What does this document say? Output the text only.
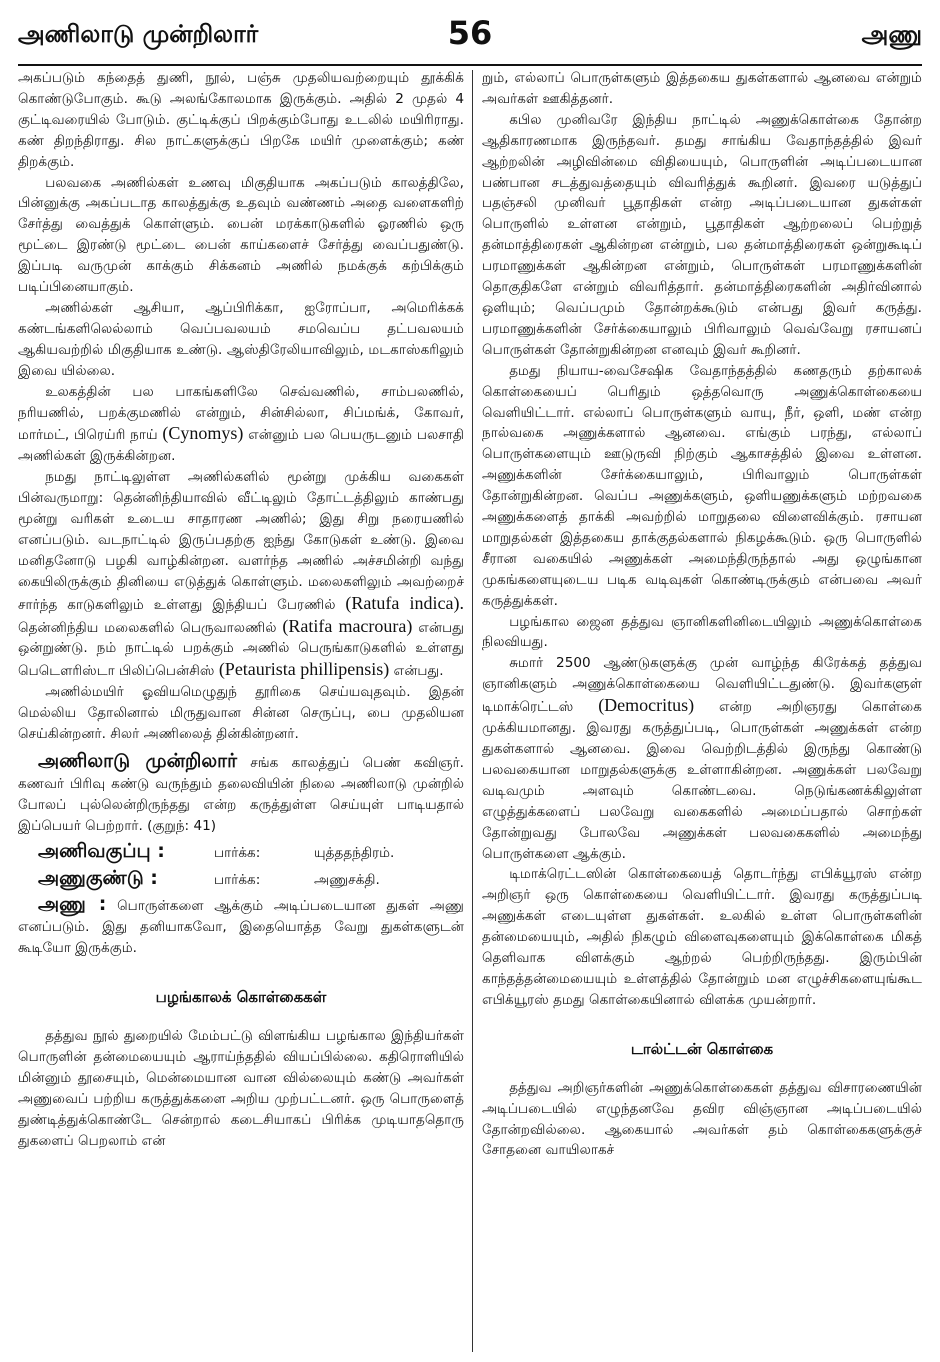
அணிலாடு முன்றிலார்	56	அணு

அகப்படும் கந்தைத் துணி, நூல், பஞ்சு முதலியவற்றையும் தூக்கிக் கொண்டுபோகும். கூடு அலங்கோலமாக இருக்கும். அதில் 2 முதல் 4 குட்டிவரையில் போடும். குட்டிக்குப் பிறக்கும்போது உடலில் மயிரிராது. கண் திறந்திராது. சில நாட்களுக்குப் பிறகே மயிர் முளைக்கும்; கண் திறக்கும்.

பலவகை அணில்கள் உணவு மிகுதியாக அகப்படும் காலத்திலே, பின்னுக்கு அகப்படாத காலத்துக்கு உதவும் வண்ணம் அதை வளைகளிற் சேர்த்து வைத்துக் கொள்ளும். பைன் மரக்காடுகளில் ஓரணில் ஒரு மூட்டை இரண்டு மூட்டை பைன் காய்களைச் சேர்த்து வைப்பதுண்டு. இப்படி வருமுன் காக்கும் சிக்கனம் அணில் நமக்குக் கற்பிக்கும் படிப்பினையாகும்.

அணில்கள் ஆசியா, ஆப்பிரிக்கா, ஐரோப்பா, அமெரிக்கக் கண்டங்களிலெல்லாம் வெப்பவலயம் சமவெப்ப தட்பவலயம் ஆகியவற்றில் மிகுதியாக உண்டு. ஆஸ்திரேலியாவிலும், மடகாஸ்கரிலும் இவை யில்லை.

உலகத்தின் பல பாகங்களிலே செவ்வணில், சாம்பலணில், நரியணில், பறக்குமணில் என்றும், சின்சில்லா, சிப்மங்க், கோவர், மார்மட், பிரெய்ரி நாய் (Cynomys) என்னும் பல பெயருடனும் பலசாதி அணில்கள் இருக்கின்றன.

நமது நாட்டிலுள்ள அணில்களில் மூன்று முக்கிய வகைகள் பின்வருமாறு: தென்னிந்தியாவில் வீட்டிலும் தோட்டத்திலும் காண்பது மூன்று வரிகள் உடைய சாதாரண அணில்; இது சிறு நரையணில் எனப்படும். வடநாட்டில் இருப்பதற்கு ஐந்து கோடுகள் உண்டு. இவை மனிதனோடு பழகி வாழ்கின்றன. வளர்ந்த அணில் அச்சமின்றி வந்து கையிலிருக்கும் தினியை எடுத்துக் கொள்ளும். மலைகளிலும் அவற்றைச் சார்ந்த காடுகளிலும் உள்ளது இந்தியப் பேரணில் (Ratufa indica). தென்னிந்திய மலைகளில் பெருவாலணில் (Ratifa macroura) என்பது ஒன்றுண்டு. நம் நாட்டில் பறக்கும் அணில் பெருங்காடுகளில் உள்ளது பெடௌரிஸ்டா பிலிப்பென்சிஸ் (Petaurista phillipensis) என்பது.

அணில்மயிர் ஓவியமெழுதுந் தூரிகை செய்யவுதவும். இதன் மெல்லிய தோலினால் மிருதுவான சின்ன செருப்பு, பை முதலியன செய்கின்றனர். சிலர் அணிலைத் தின்கின்றனர்.

அணிலாடு முன்றிலார் சங்க காலத்துப் பெண் கவிஞர். கணவர் பிரிவு கண்டு வருந்தும் தலைவியின் நிலை அணிலாடு முன்றில் போலப் புல்லென்றிருந்தது என்ற கருத்துள்ள செய்யுள் பாடியதால் இப்பெயர் பெற்றார். (குறுந்: 41)

அணிவகுப்பு :	பார்க்க:	யுத்ததந்திரம்.
அணுகுண்டு :	பார்க்க:	அணுசக்தி.

அணு : பொருள்களை ஆக்கும் அடிப்படையான துகள் அணு எனப்படும். இது தனியாகவோ, இதையொத்த வேறு துகள்களுடன் கூடியோ இருக்கும்.

பழங்காலக் கொள்கைகள்

தத்துவ நூல் துறையில் மேம்பட்டு விளங்கிய பழங்கால இந்தியர்கள் பொருளின் தன்மையையும் ஆராய்ந்ததில் வியப்பில்லை. கதிரொளியில் மின்னும் தூசையும், மென்மையான வான வில்லையும் கண்டு அவர்கள் அணுவைப் பற்றிய கருத்துக்களை அறிய முற்பட்டனர். ஒரு பொருளைத் துண்டித்துக்கொண்டே சென்றால் கடைசியாகப் பிரிக்க முடியாததொரு துகளைப் பெறலாம் என்

றும், எல்லாப் பொருள்களும் இத்தகைய துகள்களால் ஆனவை என்றும் அவர்கள் ஊகித்தனர்.

கபில முனிவரே இந்திய நாட்டில் அணுக்கொள்கை தோன்ற ஆதிகாரணமாக இருந்தவர். தமது சாங்கிய வேதாந்தத்தில் இவர் ஆற்றலின் அழிவின்மை விதியையும், பொருளின் அடிப்படையான பண்பான சடத்துவத்தையும் விவரித்துக் கூறினர். இவரை யடுத்துப் பதஞ்சலி முனிவர் பூதாதிகள் என்ற அடிப்படையான துகள்கள் பொருளில் உள்ளன என்றும், பூதாதிகள் ஆற்றலைப் பெற்றுத் தன்மாத்திரைகள் ஆகின்றன என்றும், பல தன்மாத்திரைகள் ஒன்றுகூடிப் பரமாணுக்கள் ஆகின்றன என்றும், பொருள்கள் பரமாணுக்களின் தொகுதிகளே என்றும் விவரித்தார். தன்மாத்திரைகளின் அதிர்வினால் ஒளியும்; வெப்பமும் தோன்றக்கூடும் என்பது இவர் கருத்து. பரமாணுக்களின் சேர்க்கையாலும் பிரிவாலும் வெவ்வேறு ரசாயனப் பொருள்கள் தோன்றுகின்றன எனவும் இவர் கூறினர்.

தமது நியாய-வைசேஷிக வேதாந்தத்தில் கணதரும் தற்காலக் கொள்கையைப் பெரிதும் ஒத்தவொரு அணுக்கொள்கையை வெளியிட்டார். எல்லாப் பொருள்களும் வாயு, நீர், ஒளி, மண் என்ற நால்வகை அணுக்களால் ஆனவை. எங்கும் பரந்து, எல்லாப் பொருள்களையும் ஊடுருவி நிற்கும் ஆகாசத்தில் இவை உள்ளன. அணுக்களின் சேர்க்கையாலும், பிரிவாலும் பொருள்கள் தோன்றுகின்றன. வெப்ப அணுக்களும், ஒளியணுக்களும் மற்றவகை அணுக்களைத் தாக்கி அவற்றில் மாறுதலை விளைவிக்கும். ரசாயன மாறுதல்கள் இத்தகைய தாக்குதல்களால் நிகழக்கூடும். ஒரு பொருளில் சீரான வகையில் அணுக்கள் அமைந்திருந்தால் அது ஒழுங்கான முகங்களையுடைய படிக வடிவுகள் கொண்டிருக்கும் என்பவை அவர் கருத்துக்கள்.

பழங்கால ஜைன தத்துவ ஞானிகளினிடையிலும் அணுக்கொள்கை நிலவியது.

சுமார் 2500 ஆண்டுகளுக்கு முன் வாழ்ந்த கிரேக்கத் தத்துவ ஞானிகளும் அணுக்கொள்கையை வெளியிட்டதுண்டு. இவர்களுள் டிமாக்ரெட்டஸ் (Democritus) என்ற அறிஞரது கொள்கை முக்கியமானது. இவரது கருத்துப்படி, பொருள்கள் அணுக்கள் என்ற துகள்களால் ஆனவை. இவை வெற்றிடத்தில் இருந்து கொண்டு பலவகையான மாறுதல்களுக்கு உள்ளாகின்றன. அணுக்கள் பலவேறு வடிவமும் அளவும் கொண்டவை. நெடுங்கணக்கிலுள்ள எழுத்துக்களைப் பலவேறு வகைகளில் அமைப்பதால் சொற்கள் தோன்றுவது போலவே அணுக்கள் பலவகைகளில் அமைந்து பொருள்களை ஆக்கும்.

டிமாக்ரெட்டஸின் கொள்கையைத் தொடர்ந்து எபிக்யூரஸ் என்ற அறிஞர் ஒரு கொள்கையை வெளியிட்டார். இவரது கருத்துப்படி அணுக்கள் எடையுள்ள துகள்கள். உலகில் உள்ள பொருள்களின் தன்மையையும், அதில் நிகழும் விளைவுகளையும் இக்கொள்கை மிகத் தெளிவாக விளக்கும் ஆற்றல் பெற்றிருந்தது. இரும்பின் காந்தத்தன்மையையும் உள்ளத்தில் தோன்றும் மன எழுச்சிகளையுங்கூட எபிக்யூரஸ் தமது கொள்கையினால் விளக்க முயன்றார்.

டால்ட்டன் கொள்கை

தத்துவ அறிஞர்களின் அணுக்கொள்கைகள் தத்துவ விசாரணையின் அடிப்படையில் எழுந்தனவே தவிர விஞ்ஞான அடிப்படையில் தோன்றவில்லை. ஆகையால் அவர்கள் தம் கொள்கைகளுக்குச் சோதனை வாயிலாகச்
